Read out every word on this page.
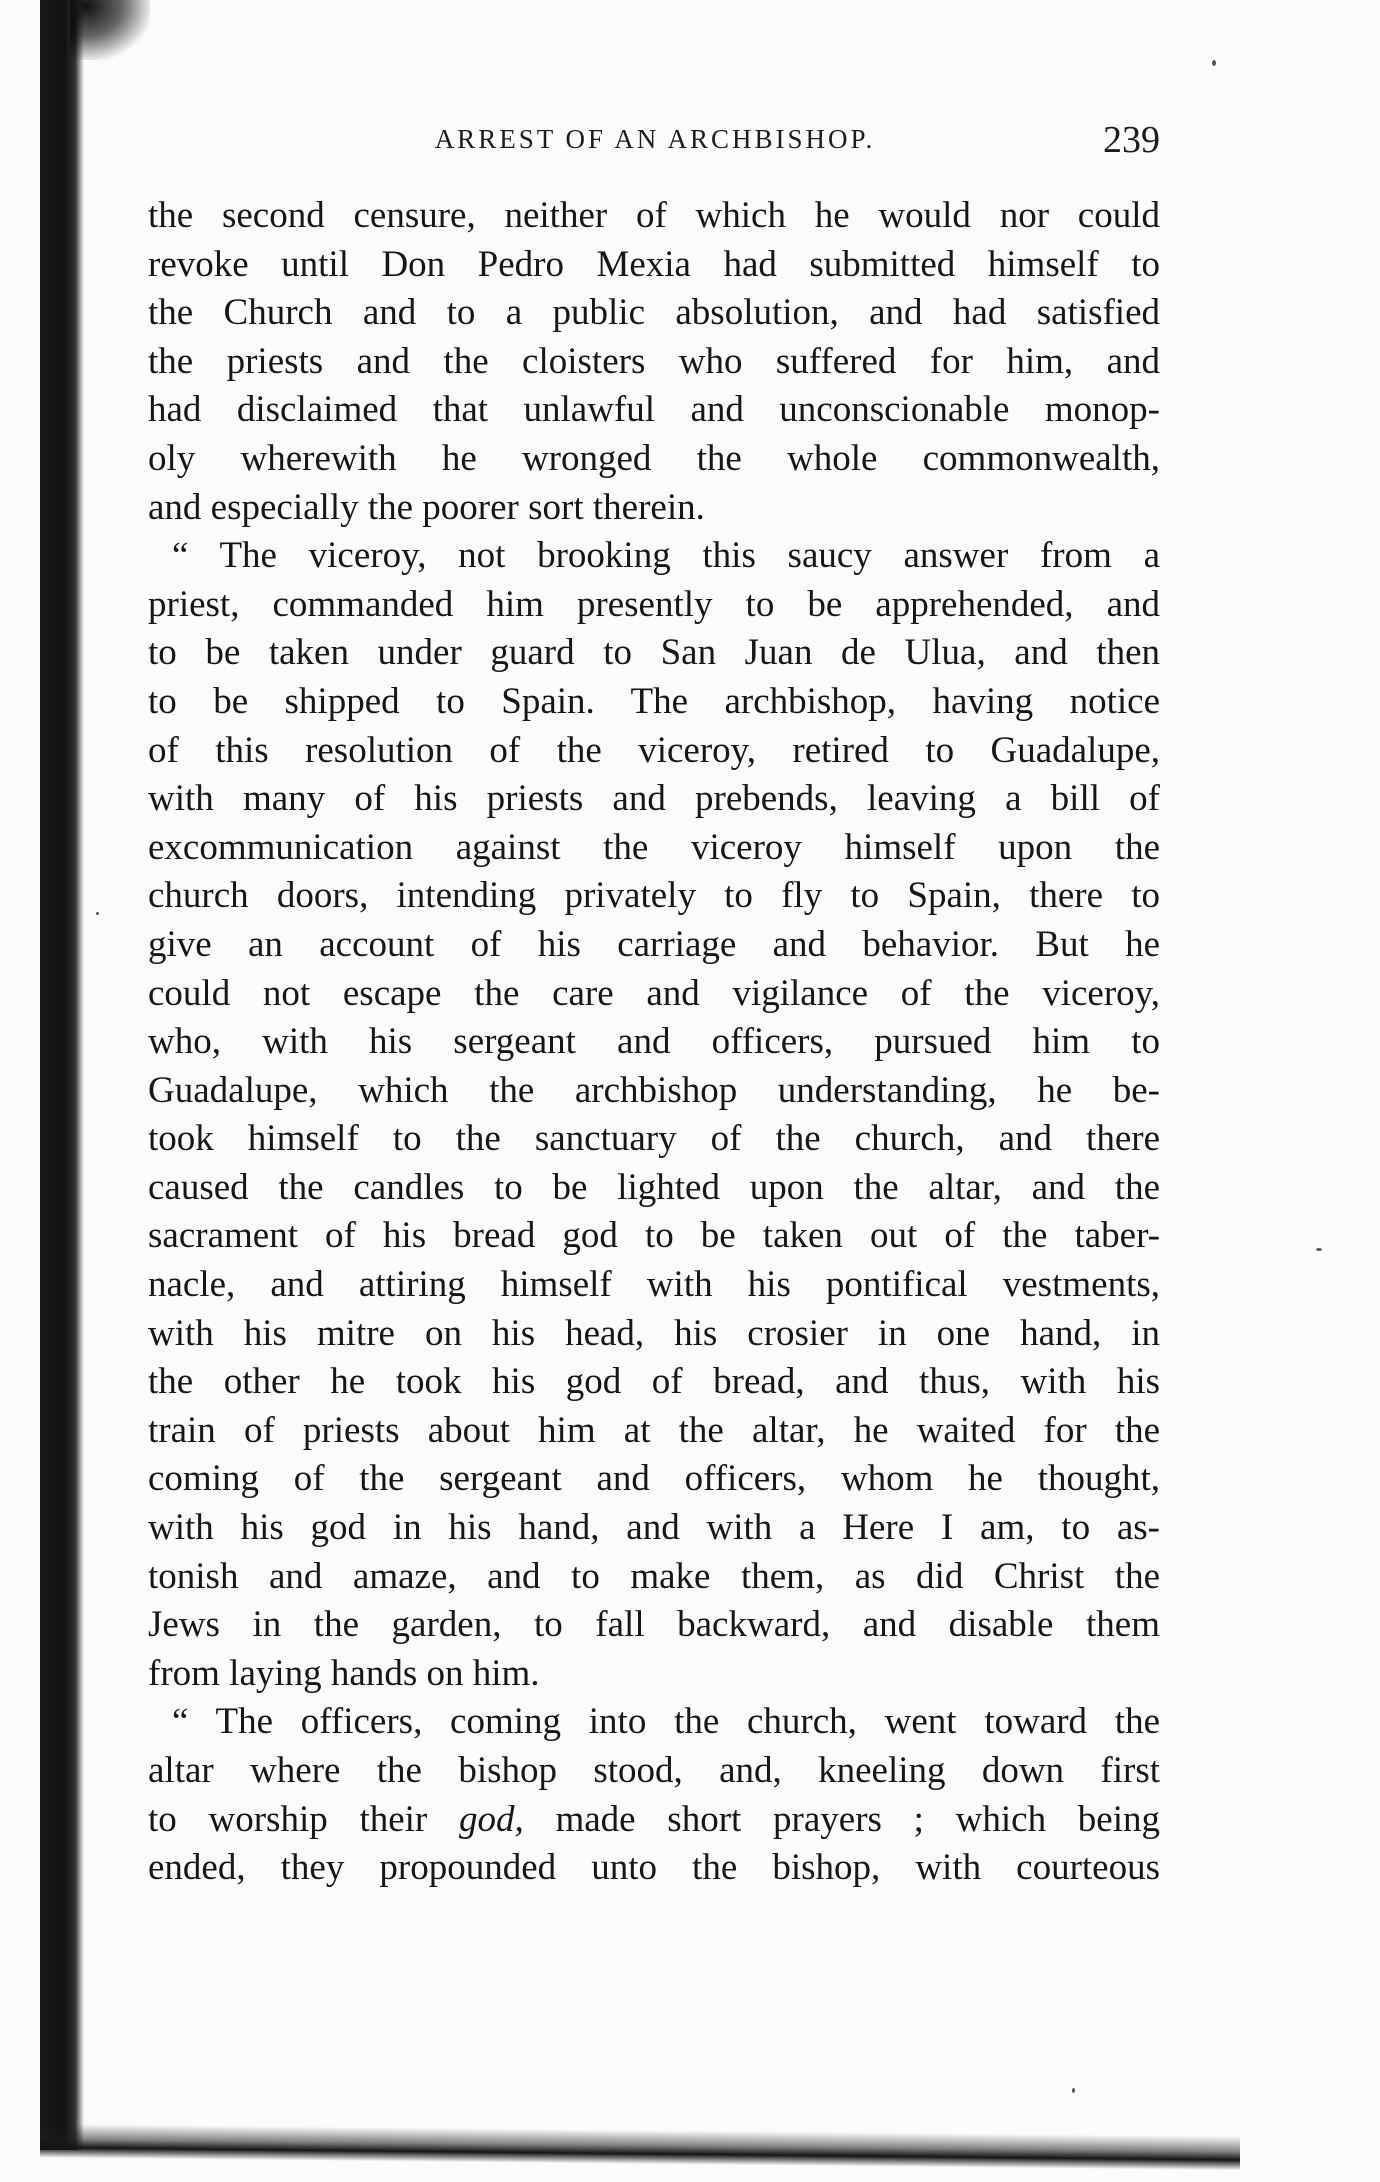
ARREST OF AN ARCHBISHOP.	239
the second censure, neither of which he would nor could
revoke until Don Pedro Mexia had submitted himself to
the Church and to a public absolution, and had satisfied
the priests and the cloisters who suffered for him, and
had disclaimed that unlawful and unconscionable monop-
oly wherewith he wronged the whole commonwealth,
and especially the poorer sort therein.
“ The viceroy, not brooking this saucy answer from a
priest, commanded him presently to be apprehended, and
to be taken under guard to San Juan de Ulua, and then
to be shipped to Spain. The archbishop, having notice
of this resolution of the viceroy, retired to Guadalupe,
with many of his priests and prebends, leaving a bill of
excommunication against the viceroy himself upon the
church doors, intending privately to fly to Spain, there to
give an account of his carriage and behavior. But he
could not escape the care and vigilance of the viceroy,
who, with his sergeant and officers, pursued him to
Guadalupe, which the archbishop understanding, he be-
took himself to the sanctuary of the church, and there
caused the candles to be lighted upon the altar, and the
sacrament of his bread god to be taken out of the taber-
nacle, and attiring himself with his pontifical vestments,
with his mitre on his head, his crosier in one hand, in
the other he took his god of bread, and thus, with his
train of priests about him at the altar, he waited for the
coming of the sergeant and officers, whom he thought,
with his god in his hand, and with a Here I am, to as-
tonish and amaze, and to make them, as did Christ the
Jews in the garden, to fall backward, and disable them
from laying hands on him.
“ The officers, coming into the church, went toward the
altar where the bishop stood, and, kneeling down first
to worship their god, made short prayers ; which being
ended, they propounded unto the bishop, with courteous
